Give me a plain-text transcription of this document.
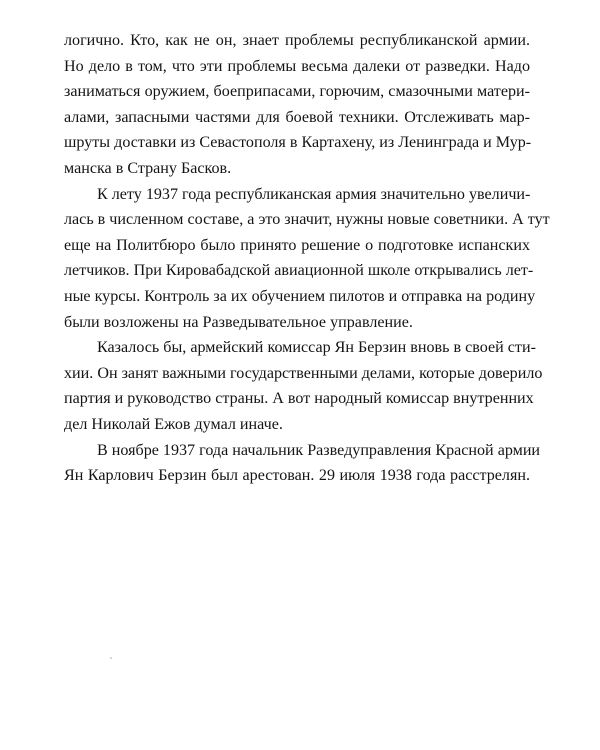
логично. Кто, как не он, знает проблемы республиканской армии.
Но дело в том, что эти проблемы весьма далеки от разведки. Надо
заниматься оружием, боеприпасами, горючим, смазочными матери-
алами, запасными частями для боевой техники. Отслеживать мар-
шруты доставки из Севастополя в Картахену, из Ленинграда и Мур-
манска в Страну Басков.
К лету 1937 года республиканская армия значительно увеличи-
лась в численном составе, а это значит, нужны новые советники. А тут
еще на Политбюро было принято решение о подготовке испанских
летчиков. При Кировабадской авиационной школе открывались лет-
ные курсы. Контроль за их обучением пилотов и отправка на родину
были возложены на Разведывательное управление.
Казалось бы, армейский комиссар Ян Берзин вновь в своей сти-
хии. Он занят важными государственными делами, которые доверило
партия и руководство страны. А вот народный комиссар внутренних
дел Николай Ежов думал иначе.
В ноябре 1937 года начальник Разведуправления Красной армии
Ян Карлович Берзин был арестован. 29 июля 1938 года расстрелян.
